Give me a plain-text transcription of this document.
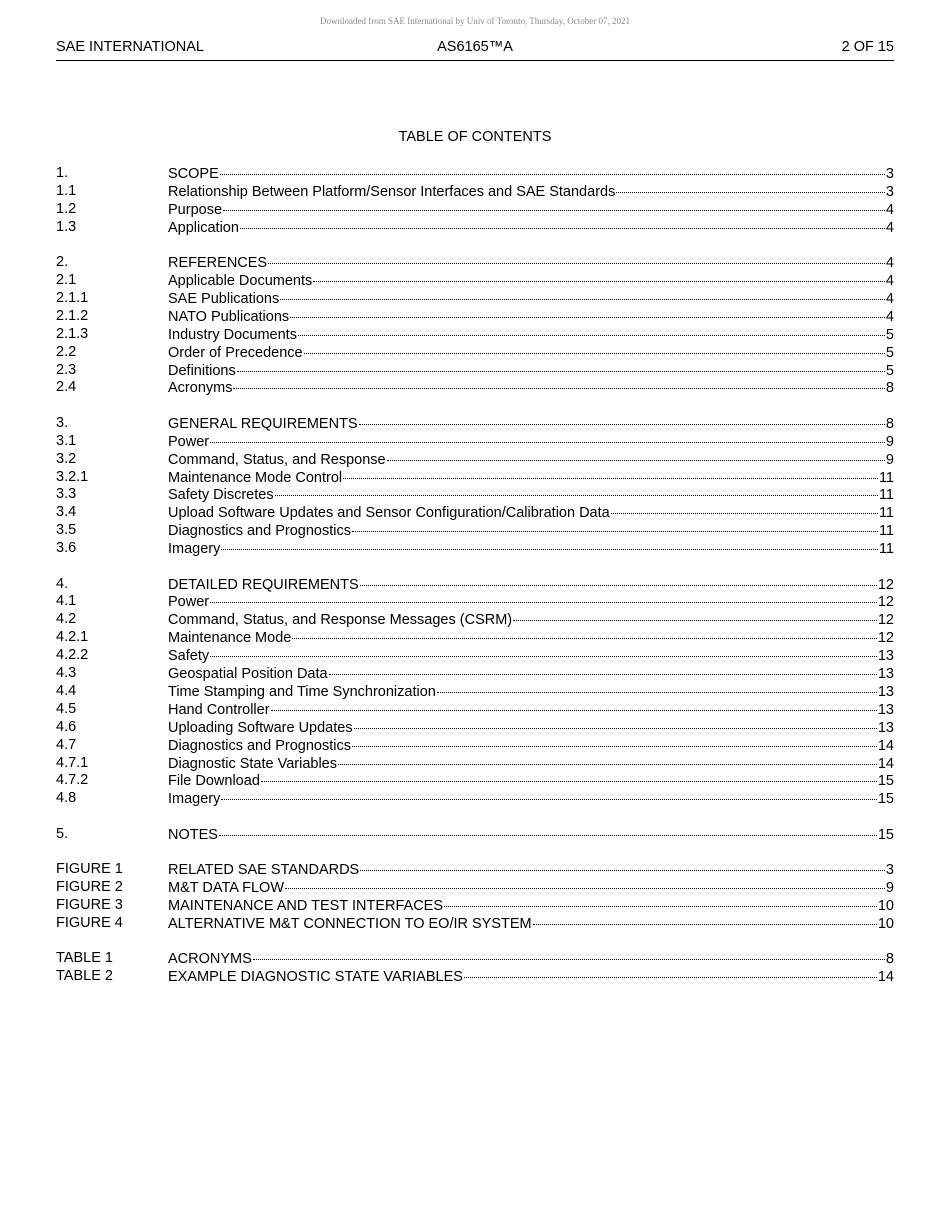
Downloaded from SAE International by Univ of Toronto, Thursday, October 07, 2021
SAE INTERNATIONAL	AS6165™A	2 OF 15
TABLE OF CONTENTS
1.	SCOPE	3
1.1	Relationship Between Platform/Sensor Interfaces and SAE Standards	3
1.2	Purpose	4
1.3	Application	4
2.	REFERENCES	4
2.1	Applicable Documents	4
2.1.1	SAE Publications	4
2.1.2	NATO Publications	4
2.1.3	Industry Documents	5
2.2	Order of Precedence	5
2.3	Definitions	5
2.4	Acronyms	8
3.	GENERAL REQUIREMENTS	8
3.1	Power	9
3.2	Command, Status, and Response	9
3.2.1	Maintenance Mode Control	11
3.3	Safety Discretes	11
3.4	Upload Software Updates and Sensor Configuration/Calibration Data	11
3.5	Diagnostics and Prognostics	11
3.6	Imagery	11
4.	DETAILED REQUIREMENTS	12
4.1	Power	12
4.2	Command, Status, and Response Messages (CSRM)	12
4.2.1	Maintenance Mode	12
4.2.2	Safety	13
4.3	Geospatial Position Data	13
4.4	Time Stamping and Time Synchronization	13
4.5	Hand Controller	13
4.6	Uploading Software Updates	13
4.7	Diagnostics and Prognostics	14
4.7.1	Diagnostic State Variables	14
4.7.2	File Download	15
4.8	Imagery	15
5.	NOTES	15
FIGURE 1	RELATED SAE STANDARDS	3
FIGURE 2	M&T DATA FLOW	9
FIGURE 3	MAINTENANCE AND TEST INTERFACES	10
FIGURE 4	ALTERNATIVE M&T CONNECTION TO EO/IR SYSTEM	10
TABLE 1	ACRONYMS	8
TABLE 2	EXAMPLE DIAGNOSTIC STATE VARIABLES	14
